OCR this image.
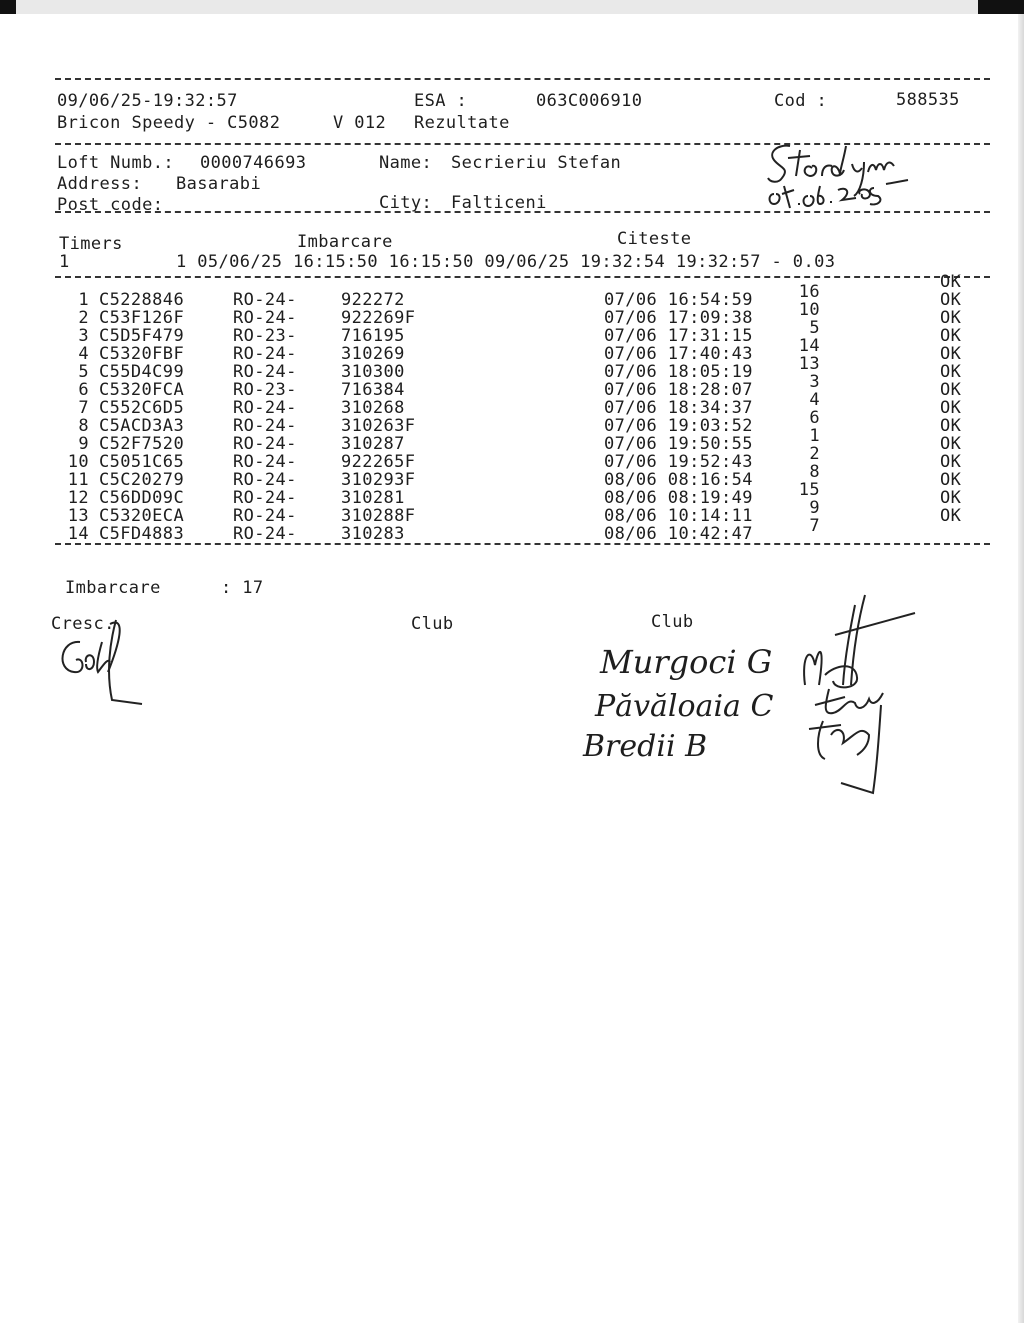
09/06/25-19:32:57	ESA :	063C006910	Cod :	588535
Bricon Speedy - C5082	V 012 Rezultate
Loft Numb.: 0000746693	Name: Secrieriu Stefan
Address: Basarabi
Post code:	City: Falticeni
Timers	Imbarcare	Citeste
1          1 05/06/25 16:15:50 16:15:50 09/06/25 19:32:54 19:32:57 - 0.03
1 C5228846	RO-24-	922272	07/06 16:54:59	16	OK
2 C53F126F	RO-24-	922269F	07/06 17:09:38	10	OK
3 C5D5F479	RO-23-	716195	07/06 17:31:15	5	OK
4 C5320FBF	RO-24-	310269	07/06 17:40:43	14	OK
5 C55D4C99	RO-24-	310300	07/06 18:05:19	13	OK
6 C5320FCA	RO-23-	716384	07/06 18:28:07	3	OK
7 C552C6D5	RO-24-	310268	07/06 18:34:37	4	OK
8 C5ACD3A3	RO-24-	310263F	07/06 19:03:52	6	OK
9 C52F7520	RO-24-	310287	07/06 19:50:55	1	OK
10 C5051C65	RO-24-	922265F	07/06 19:52:43	2	OK
11 C5C20279	RO-24-	310293F	08/06 08:16:54	8	OK
12 C56DD09C	RO-24-	310281	08/06 08:19:49	15	OK
13 C5320ECA	RO-24-	310288F	08/06 10:14:11	9	OK
14 C5FD4883	RO-24-	310283	08/06 10:42:47	7	OK
Imbarcare	: 17
Cresc.	Club	Club
Murgoci G
Păvăloaia C
Bredii B
